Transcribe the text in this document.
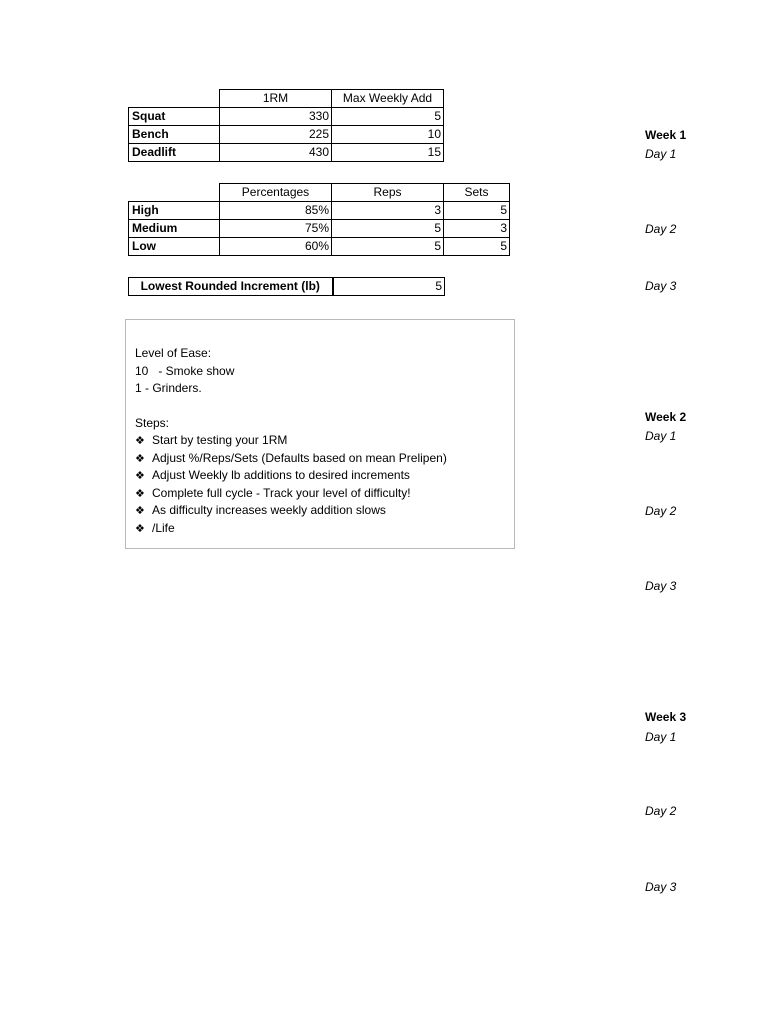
	1RM	Max Weekly Add
Squat	330	5
Bench	225	10
Deadlift	430	15
	Percentages	Reps	Sets
High	85%	3	5
Medium	75%	5	3
Low	60%	5	5
Lowest Rounded Increment (lb)	5
Level of Ease:
10   - Smoke show
1 - Grinders.
Steps:
❖ Start by testing your 1RM
❖ Adjust %/Reps/Sets (Defaults based on mean Prelipen)
❖ Adjust Weekly lb additions to desired increments
❖ Complete full cycle - Track your level of difficulty!
❖ As difficulty increases weekly addition slows
❖ /Life
Week 1
Day 1
Day 2
Day 3
Week 2
Day 1
Day 2
Day 3
Week 3
Day 1
Day 2
Day 3
